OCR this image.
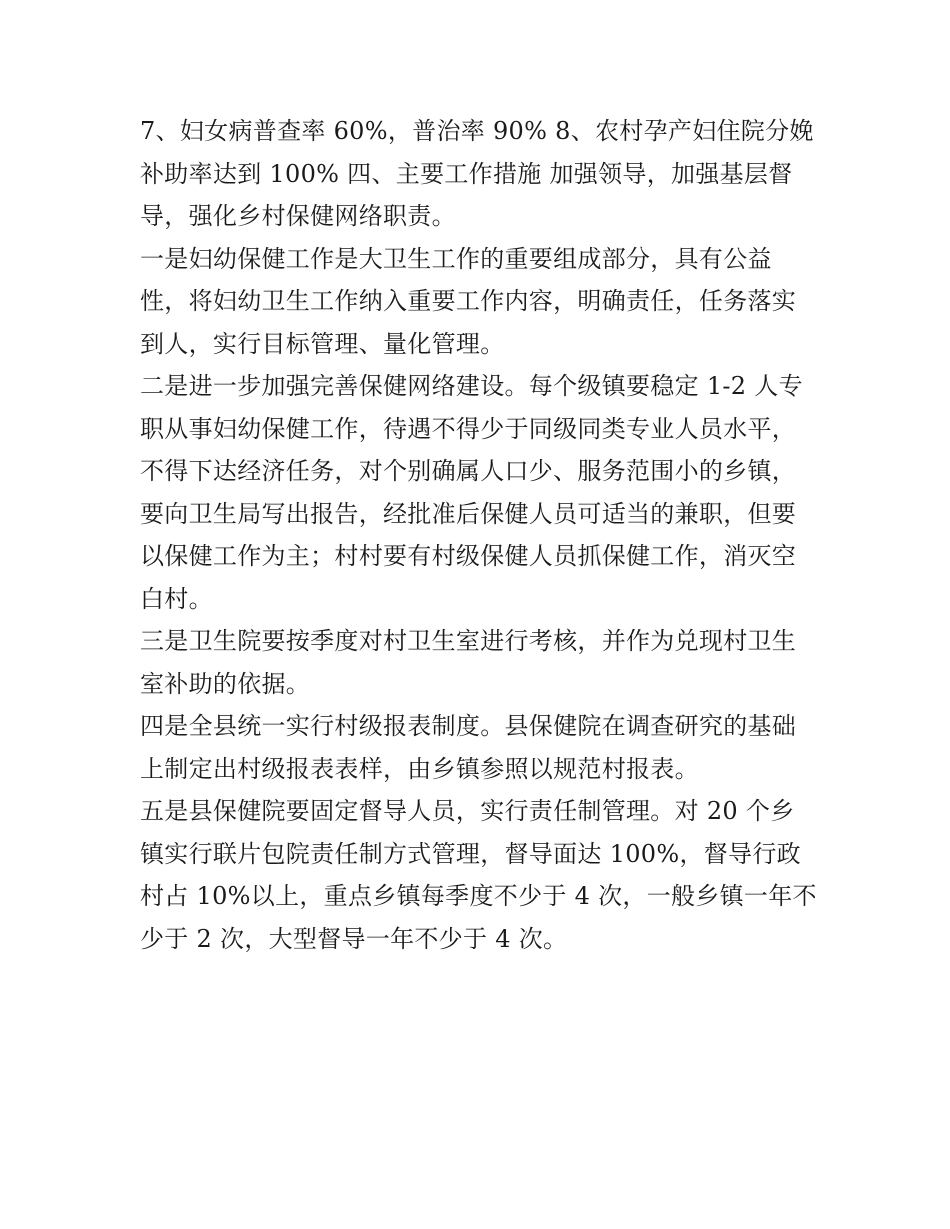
7、妇女病普查率 60%，普治率 90% 8、农村孕产妇住院分娩
补助率达到 100% 四、主要工作措施 加强领导，加强基层督
导，强化乡村保健网络职责。

一是妇幼保健工作是大卫生工作的重要组成部分，具有公益
性，将妇幼卫生工作纳入重要工作内容，明确责任，任务落实
到人，实行目标管理、量化管理。

二是进一步加强完善保健网络建设。每个级镇要稳定 1-2 人专
职从事妇幼保健工作，待遇不得少于同级同类专业人员水平，
不得下达经济任务，对个别确属人口少、服务范围小的乡镇，
要向卫生局写出报告，经批准后保健人员可适当的兼职，但要
以保健工作为主；村村要有村级保健人员抓保健工作，消灭空
白村。

三是卫生院要按季度对村卫生室进行考核，并作为兑现村卫生
室补助的依据。

四是全县统一实行村级报表制度。县保健院在调查研究的基础
上制定出村级报表表样，由乡镇参照以规范村报表。

五是县保健院要固定督导人员，实行责任制管理。对 20 个乡
镇实行联片包院责任制方式管理，督导面达 100%，督导行政
村占 10%以上，重点乡镇每季度不少于 4 次，一般乡镇一年不
少于 2 次，大型督导一年不少于 4 次。
